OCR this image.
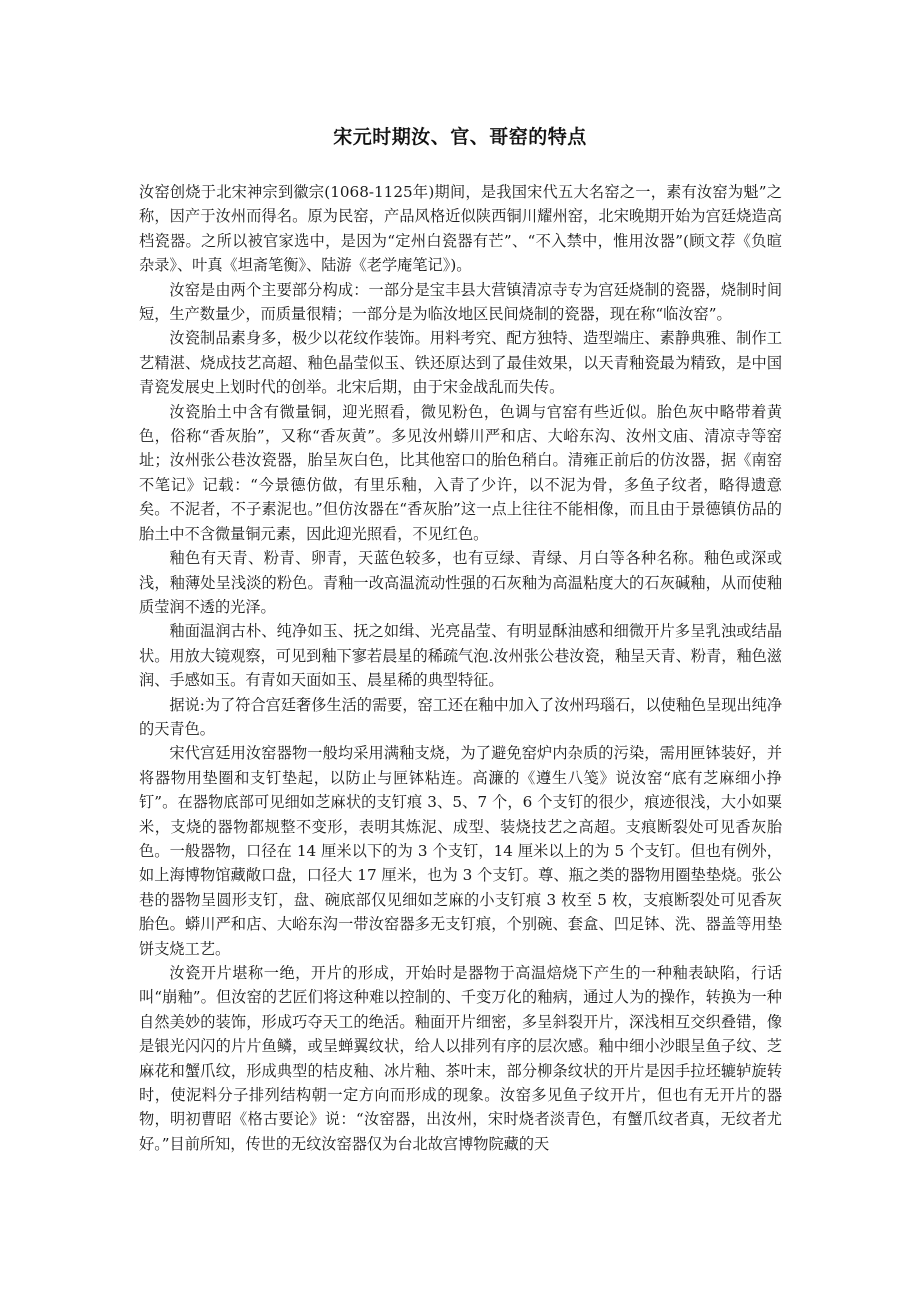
宋元时期汝、官、哥窑的特点

汝窑创烧于北宋神宗到徽宗(1068-1125年)期间，是我国宋代五大名窑之一，素有汝窑为魁”之称，因产于汝州而得名。原为民窑，产品风格近似陕西铜川耀州窑，北宋晚期开始为宫廷烧造高档瓷器。之所以被官家选中，是因为“定州白瓷器有芒”、“不入禁中，惟用汝器”(顾文荐《负暄杂录》、叶真《坦斋笔衡》、陆游《老学庵笔记》)。

汝窑是由两个主要部分构成：一部分是宝丰县大营镇清凉寺专为宫廷烧制的瓷器，烧制时间短，生产数量少，而质量很精；一部分是为临汝地区民间烧制的瓷器，现在称“临汝窑”。

汝瓷制品素身多，极少以花纹作装饰。用料考究、配方独特、造型端庄、素静典雅、制作工艺精湛、烧成技艺高超、釉色晶莹似玉、铁还原达到了最佳效果，以天青釉瓷最为精致，是中国青瓷发展史上划时代的创举。北宋后期，由于宋金战乱而失传。

汝瓷胎土中含有微量铜，迎光照看，微见粉色，色调与官窑有些近似。胎色灰中略带着黄色，俗称“香灰胎”，又称“香灰黄”。多见汝州蟒川严和店、大峪东沟、汝州文庙、清凉寺等窑址；汝州张公巷汝瓷器，胎呈灰白色，比其他窑口的胎色稍白。清雍正前后的仿汝器，据《南窑不笔记》记载：“今景德仿做，有里乐釉，入青了少许，以不泥为骨，多鱼子纹者，略得遗意矣。不泥者，不子素泥也。”但仿汝器在“香灰胎”这一点上往往不能相像，而且由于景德镇仿品的胎土中不含微量铜元素，因此迎光照看，不见红色。

釉色有天青、粉青、卵青，天蓝色较多，也有豆绿、青绿、月白等各种名称。釉色或深或浅，釉薄处呈浅淡的粉色。青釉一改高温流动性强的石灰釉为高温粘度大的石灰碱釉，从而使釉质莹润不透的光泽。

釉面温润古朴、纯净如玉、抚之如缉、光亮晶莹、有明显酥油感和细微开片多呈乳浊或结晶状。用放大镜观察，可见到釉下寥若晨星的稀疏气泡.汝州张公巷汝瓷，釉呈天青、粉青，釉色滋润、手感如玉。有青如天面如玉、晨星稀的典型特征。

据说:为了符合宫廷奢侈生活的需要，窑工还在釉中加入了汝州玛瑙石，以使釉色呈现出纯净的天青色。

宋代宫廷用汝窑器物一般均采用满釉支烧，为了避免窑炉内杂质的污染，需用匣钵装好，并将器物用垫圈和支钉垫起，以防止与匣钵粘连。高濂的《遵生八笺》说汝窑“底有芝麻细小挣钉”。在器物底部可见细如芝麻状的支钉痕 3、5、7 个，6 个支钉的很少，痕迹很浅，大小如粟米，支烧的器物都规整不变形，表明其炼泥、成型、装烧技艺之高超。支痕断裂处可见香灰胎色。一般器物，口径在 14 厘米以下的为 3 个支钉，14 厘米以上的为 5 个支钉。但也有例外，如上海博物馆藏敞口盘，口径大 17 厘米，也为 3 个支钉。尊、瓶之类的器物用圈垫垫烧。张公巷的器物呈圆形支钉，盘、碗底部仅见细如芝麻的小支钉痕 3 枚至 5 枚，支痕断裂处可见香灰胎色。蟒川严和店、大峪东沟一带汝窑器多无支钉痕，个别碗、套盒、凹足钵、洗、器盖等用垫饼支烧工艺。

汝瓷开片堪称一绝，开片的形成，开始时是器物于高温焙烧下产生的一种釉表缺陷，行话叫“崩釉”。但汝窑的艺匠们将这种难以控制的、千变万化的釉病，通过人为的操作，转换为一种自然美妙的装饰，形成巧夺天工的绝活。釉面开片细密，多呈斜裂开片，深浅相互交织叠错，像是银光闪闪的片片鱼鳞，或呈蝉翼纹状，给人以排列有序的层次感。釉中细小沙眼呈鱼子纹、芝麻花和蟹爪纹，形成典型的桔皮釉、冰片釉、茶叶末，部分柳条纹状的开片是因手拉坯辘轳旋转时，使泥料分子排列结构朝一定方向而形成的现象。汝窑多见鱼子纹开片，但也有无开片的器物，明初曹昭《格古要论》说：“汝窑器，出汝州，宋时烧者淡青色，有蟹爪纹者真，无纹者尤好。”目前所知，传世的无纹汝窑器仅为台北故宫博物院藏的天
